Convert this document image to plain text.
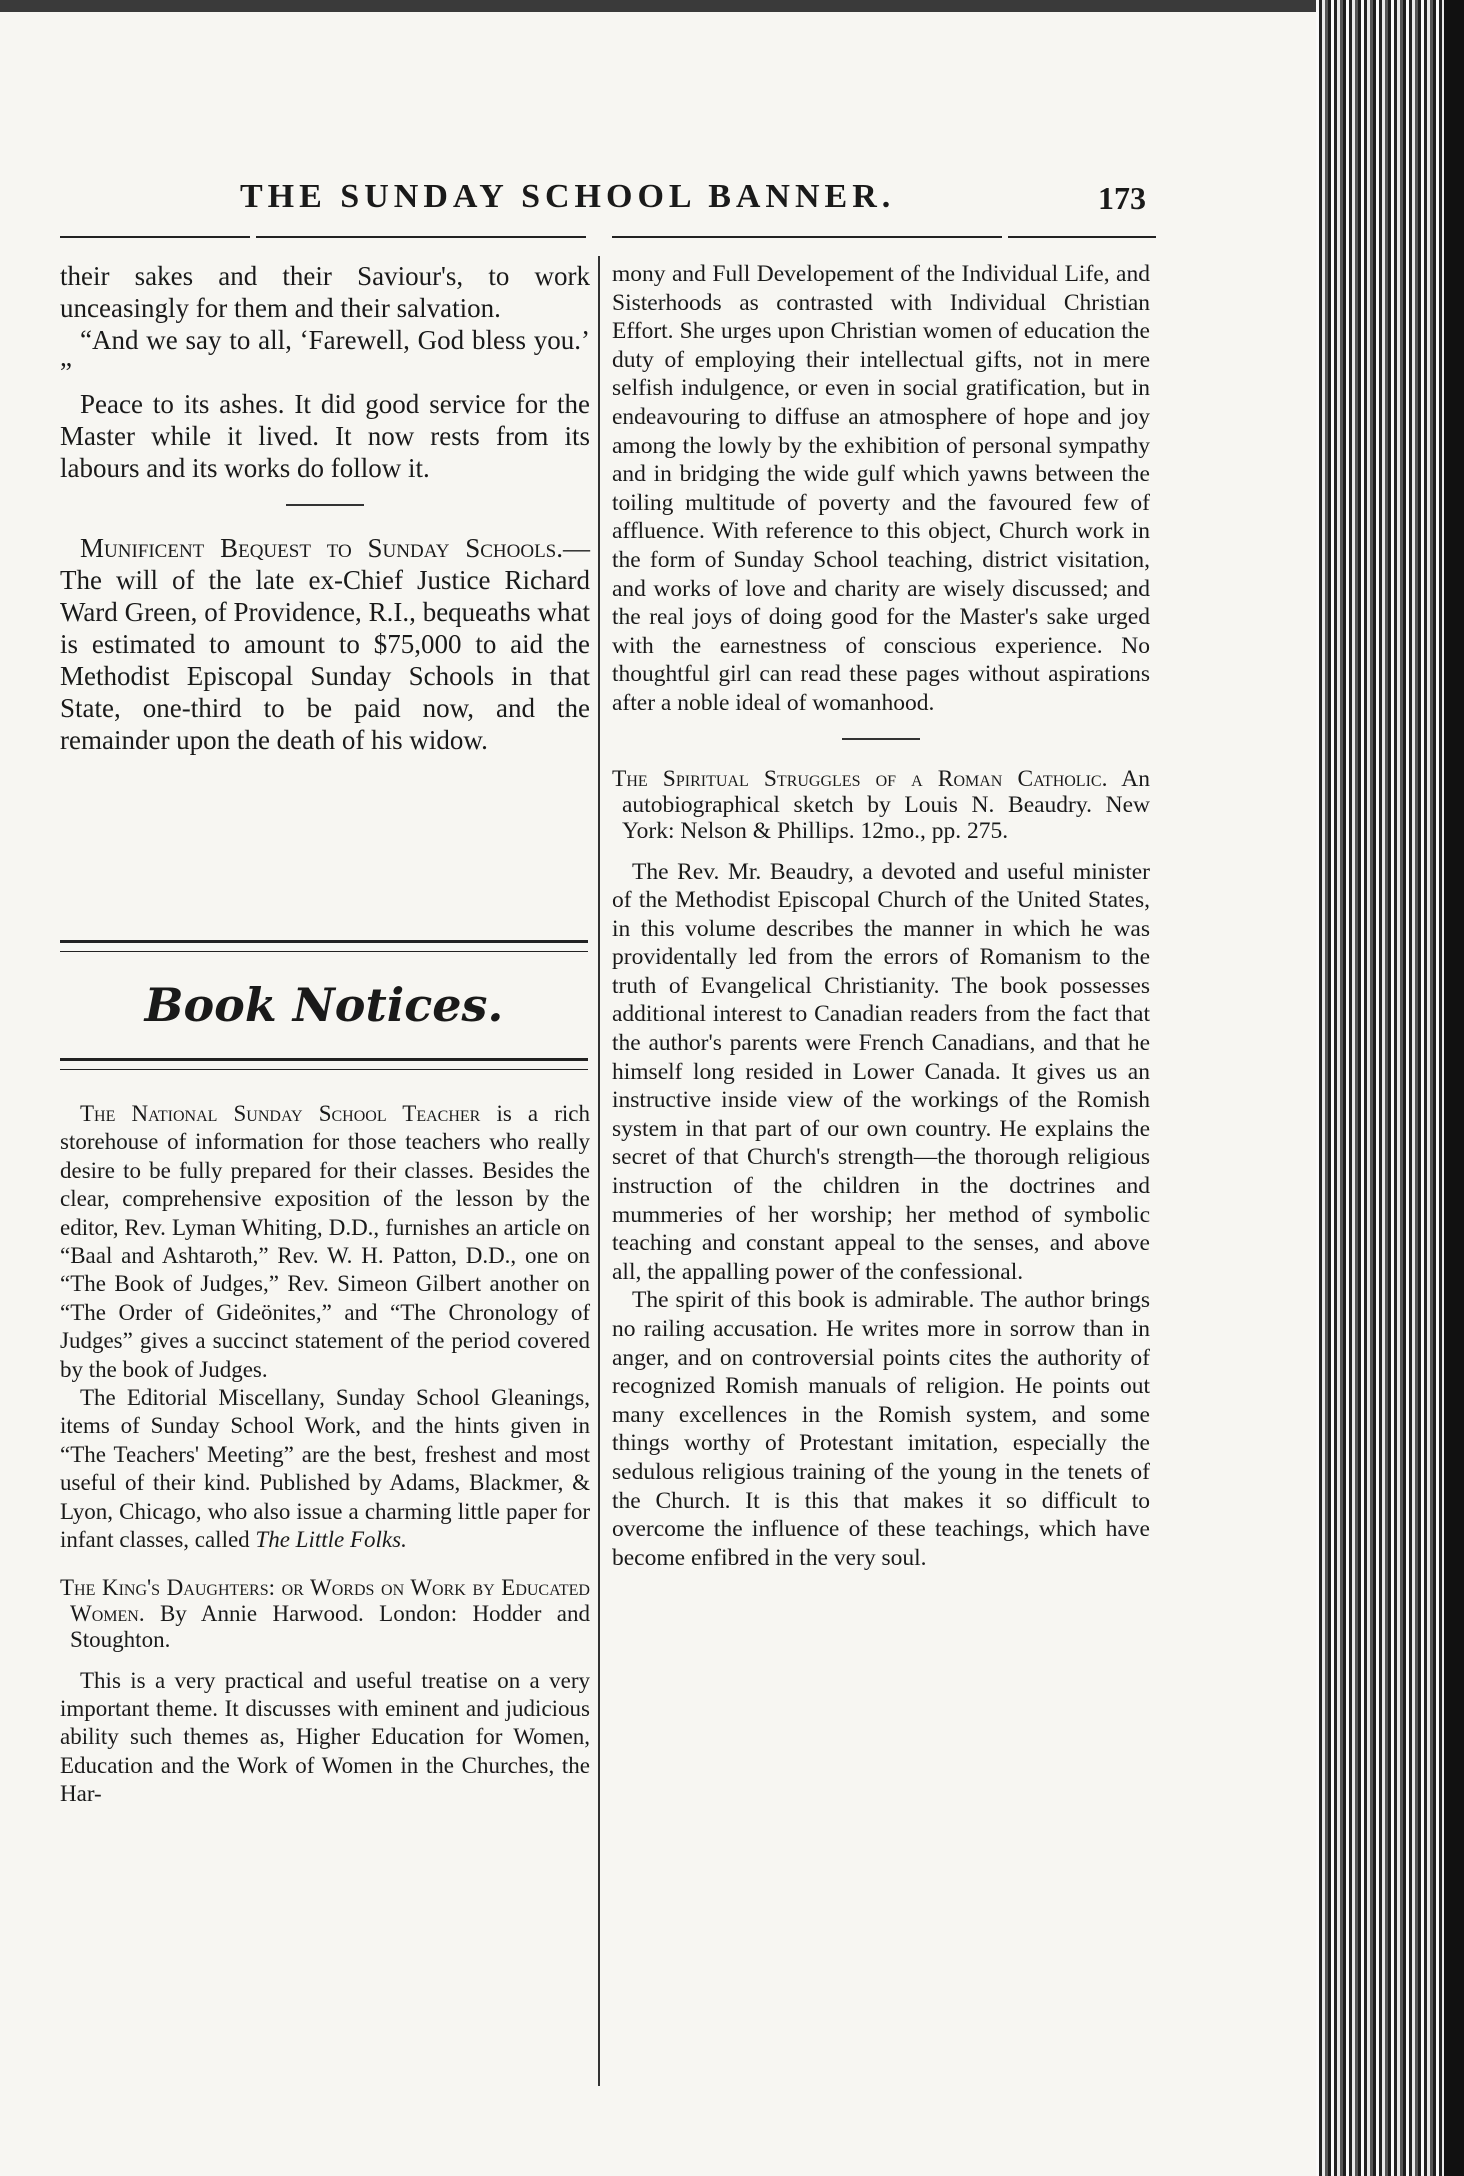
THE SUNDAY SCHOOL BANNER.	173

their sakes and their Saviour's, to work unceasingly for them and their salvation.

“And we say to all, ‘Farewell, God bless you.’ ”

Peace to its ashes. It did good service for the Master while it lived. It now rests from its labours and its works do follow it.

Munificent Bequest to Sunday Schools.—The will of the late ex-Chief Justice Richard Ward Green, of Providence, R.I., bequeaths what is estimated to amount to $75,000 to aid the Methodist Episcopal Sunday Schools in that State, one-third to be paid now, and the remainder upon the death of his widow.

Book Notices.

The National Sunday School Teacher is a rich storehouse of information for those teachers who really desire to be fully prepared for their classes. Besides the clear, comprehensive exposition of the lesson by the editor, Rev. Lyman Whiting, D.D., furnishes an article on “Baal and Ashtaroth,” Rev. W. H. Patton, D.D., one on “The Book of Judges,” Rev. Simeon Gilbert another on “The Order of Gideönites,” and “The Chronology of Judges” gives a succinct statement of the period covered by the book of Judges.

The Editorial Miscellany, Sunday School Gleanings, items of Sunday School Work, and the hints given in “The Teachers' Meeting” are the best, freshest and most useful of their kind. Published by Adams, Blackmer, & Lyon, Chicago, who also issue a charming little paper for infant classes, called The Little Folks.

The King's Daughters: or Words on Work by Educated Women. By Annie Harwood. London: Hodder and Stoughton.

This is a very practical and useful treatise on a very important theme. It discusses with eminent and judicious ability such themes as, Higher Education for Women, Education and the Work of Women in the Churches, the Har-

mony and Full Developement of the Individual Life, and Sisterhoods as contrasted with Individual Christian Effort. She urges upon Christian women of education the duty of employing their intellectual gifts, not in mere selfish indulgence, or even in social gratification, but in endeavouring to diffuse an atmosphere of hope and joy among the lowly by the exhibition of personal sympathy and in bridging the wide gulf which yawns between the toiling multitude of poverty and the favoured few of affluence. With reference to this object, Church work in the form of Sunday School teaching, district visitation, and works of love and charity are wisely discussed; and the real joys of doing good for the Master's sake urged with the earnestness of conscious experience. No thoughtful girl can read these pages without aspirations after a noble ideal of womanhood.

The Spiritual Struggles of a Roman Catholic. An autobiographical sketch by Louis N. Beaudry. New York: Nelson & Phillips. 12mo., pp. 275.

The Rev. Mr. Beaudry, a devoted and useful minister of the Methodist Episcopal Church of the United States, in this volume describes the manner in which he was providentally led from the errors of Romanism to the truth of Evangelical Christianity. The book possesses additional interest to Canadian readers from the fact that the author's parents were French Canadians, and that he himself long resided in Lower Canada. It gives us an instructive inside view of the workings of the Romish system in that part of our own country. He explains the secret of that Church's strength—the thorough religious instruction of the children in the doctrines and mummeries of her worship; her method of symbolic teaching and constant appeal to the senses, and above all, the appalling power of the confessional.

The spirit of this book is admirable. The author brings no railing accusation. He writes more in sorrow than in anger, and on controversial points cites the authority of recognized Romish manuals of religion. He points out many excellences in the Romish system, and some things worthy of Protestant imitation, especially the sedulous religious training of the young in the tenets of the Church. It is this that makes it so difficult to overcome the influence of these teachings, which have become enfibred in the very soul.
